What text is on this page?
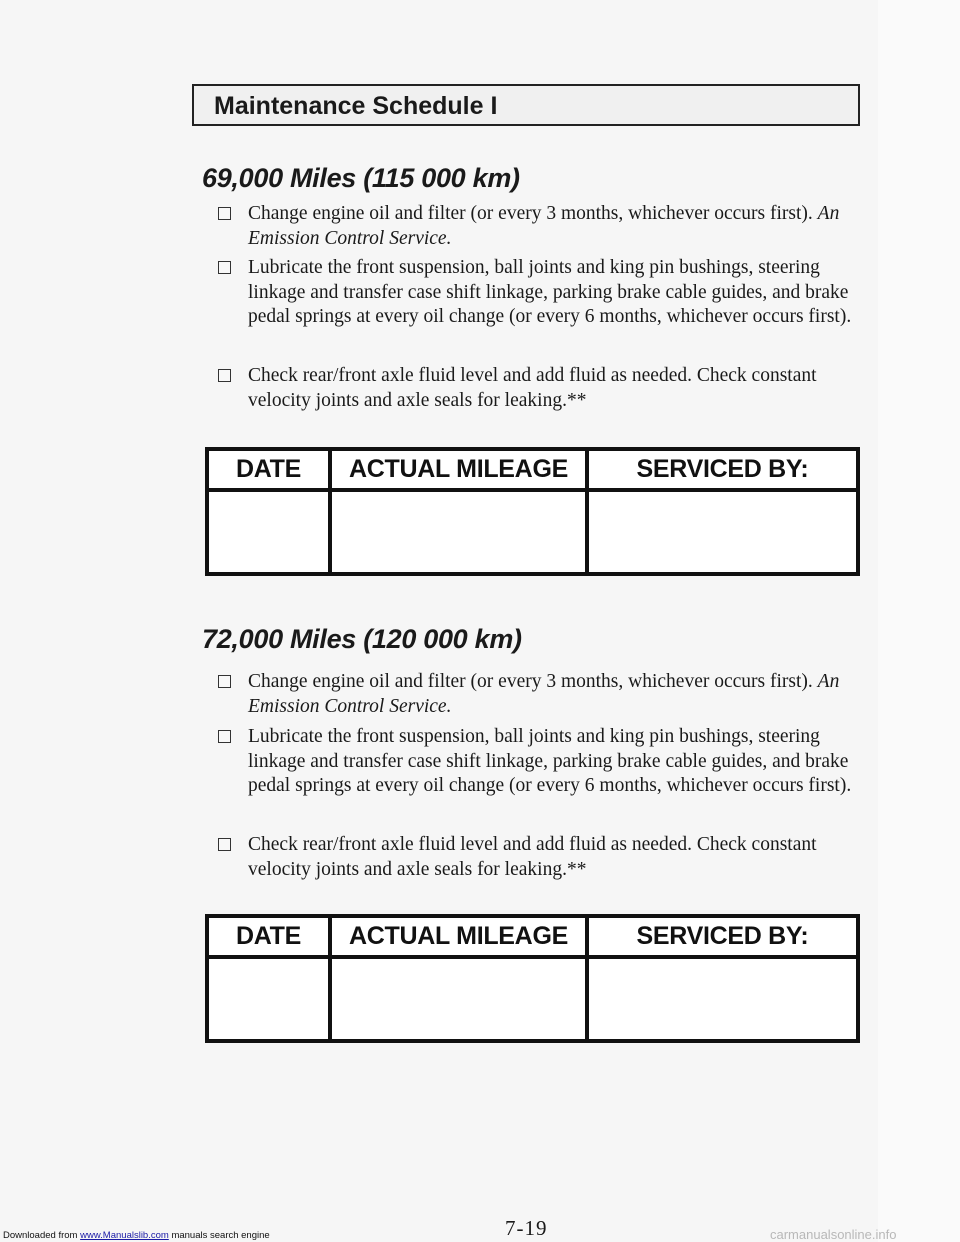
Maintenance Schedule I
69,000 Miles (115 000 km)
Change engine oil and filter (or every 3 months, whichever occurs first). An Emission Control Service.
Lubricate the front suspension, ball joints and king pin bushings, steering linkage and transfer case shift linkage, parking brake cable guides, and brake pedal springs at every oil change (or every 6 months, whichever occurs first).
Check rear/front axle fluid level and add fluid as needed. Check constant velocity joints and axle seals for leaking.**
DATE	ACTUAL MILEAGE	SERVICED BY:

72,000 Miles (120 000 km)
Change engine oil and filter (or every 3 months, whichever occurs first). An Emission Control Service.
Lubricate the front suspension, ball joints and king pin bushings, steering linkage and transfer case shift linkage, parking brake cable guides, and brake pedal springs at every oil change (or every 6 months, whichever occurs first).
Check rear/front axle fluid level and add fluid as needed. Check constant velocity joints and axle seals for leaking.**
DATE	ACTUAL MILEAGE	SERVICED BY:

7-19
Downloaded from www.Manualslib.com manuals search engine	carmanualsonline.info
